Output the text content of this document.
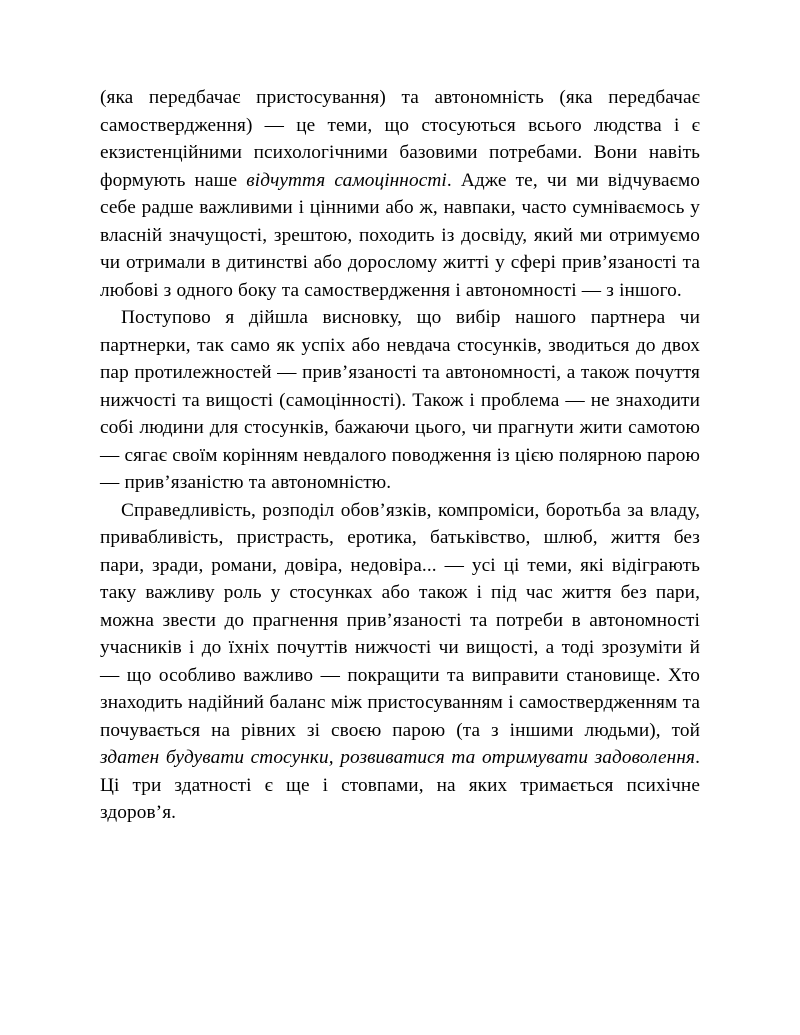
(яка передбачає пристосування) та автономність (яка передбачає самоствердження) — це теми, що стосуються всього людства і є екзистенційними психологічними базовими потребами. Вони навіть формують наше відчуття самоцінності. Адже те, чи ми відчуваємо себе радше важливими і цінними або ж, навпаки, часто сумніваємось у власній значущості, зрештою, походить із досвіду, який ми отримуємо чи отримали в дитинстві або дорослому житті у сфері прив’язаності та любові з одного боку та самоствердження і автономності — з іншого.

Поступово я дійшла висновку, що вибір нашого партнера чи партнерки, так само як успіх або невдача стосунків, зводиться до двох пар протилежностей — прив’язаності та автономності, а також почуття нижчості та вищості (самоцінності). Також і проблема — не знаходити собі людини для стосунків, бажаючи цього, чи прагнути жити самотою — сягає своїм корінням невдалого поводження із цією полярною парою — прив’язаністю та автономністю.

Справедливість, розподіл обов’язків, компроміси, боротьба за владу, привабливість, пристрасть, еротика, батьківство, шлюб, життя без пари, зради, романи, довіра, недовіра... — усі ці теми, які відіграють таку важливу роль у стосунках або також і під час життя без пари, можна звести до прагнення прив’язаності та потреби в автономності учасників і до їхніх почуттів нижчості чи вищості, а тоді зрозуміти й — що особливо важливо — покращити та виправити становище. Хто знаходить надійний баланс між пристосуванням і самоствердженням та почувається на рівних зі своєю парою (та з іншими людьми), той здатен будувати стосунки, розвиватися та отримувати задоволення. Ці три здатності є ще і стовпами, на яких тримається психічне здоров’я.
